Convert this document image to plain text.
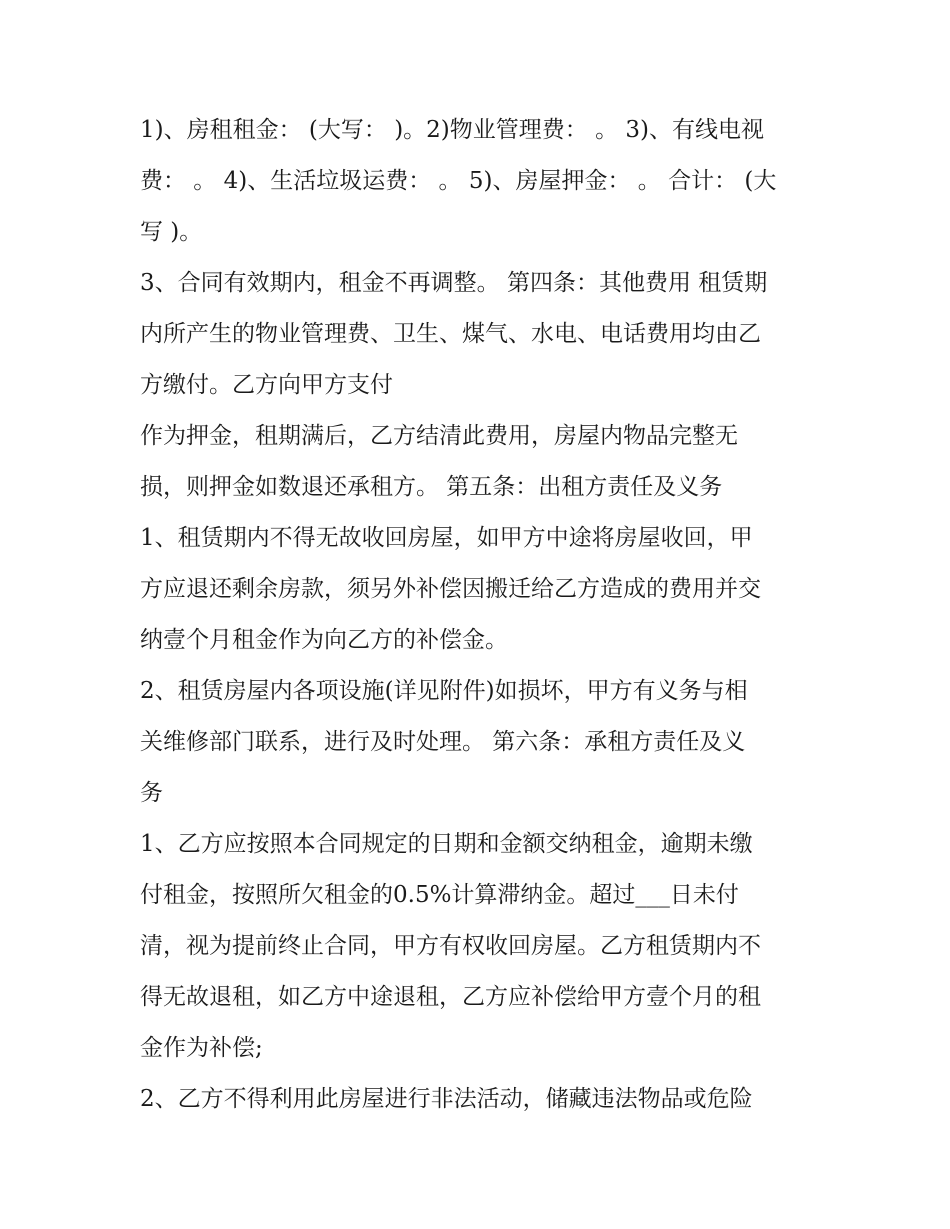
1)、房租租金： (大写： )。2)物业管理费： 。 3)、有线电视
费： 。 4)、生活垃圾运费： 。 5)、房屋押金： 。 合计： (大
写 )。
3、合同有效期内，租金不再调整。 第四条：其他费用 租赁期
内所产生的物业管理费、卫生、煤气、水电、电话费用均由乙
方缴付。乙方向甲方支付
作为押金，租期满后，乙方结清此费用，房屋内物品完整无
损，则押金如数退还承租方。 第五条：出租方责任及义务
1、租赁期内不得无故收回房屋，如甲方中途将房屋收回，甲
方应退还剩余房款，须另外补偿因搬迁给乙方造成的费用并交
纳壹个月租金作为向乙方的补偿金。
2、租赁房屋内各项设施(详见附件)如损坏，甲方有义务与相
关维修部门联系，进行及时处理。 第六条：承租方责任及义
务
1、乙方应按照本合同规定的日期和金额交纳租金，逾期未缴
付租金，按照所欠租金的0.5%计算滞纳金。超过___日未付
清，视为提前终止合同，甲方有权收回房屋。乙方租赁期内不
得无故退租，如乙方中途退租，乙方应补偿给甲方壹个月的租
金作为补偿;
2、乙方不得利用此房屋进行非法活动，储藏违法物品或危险
